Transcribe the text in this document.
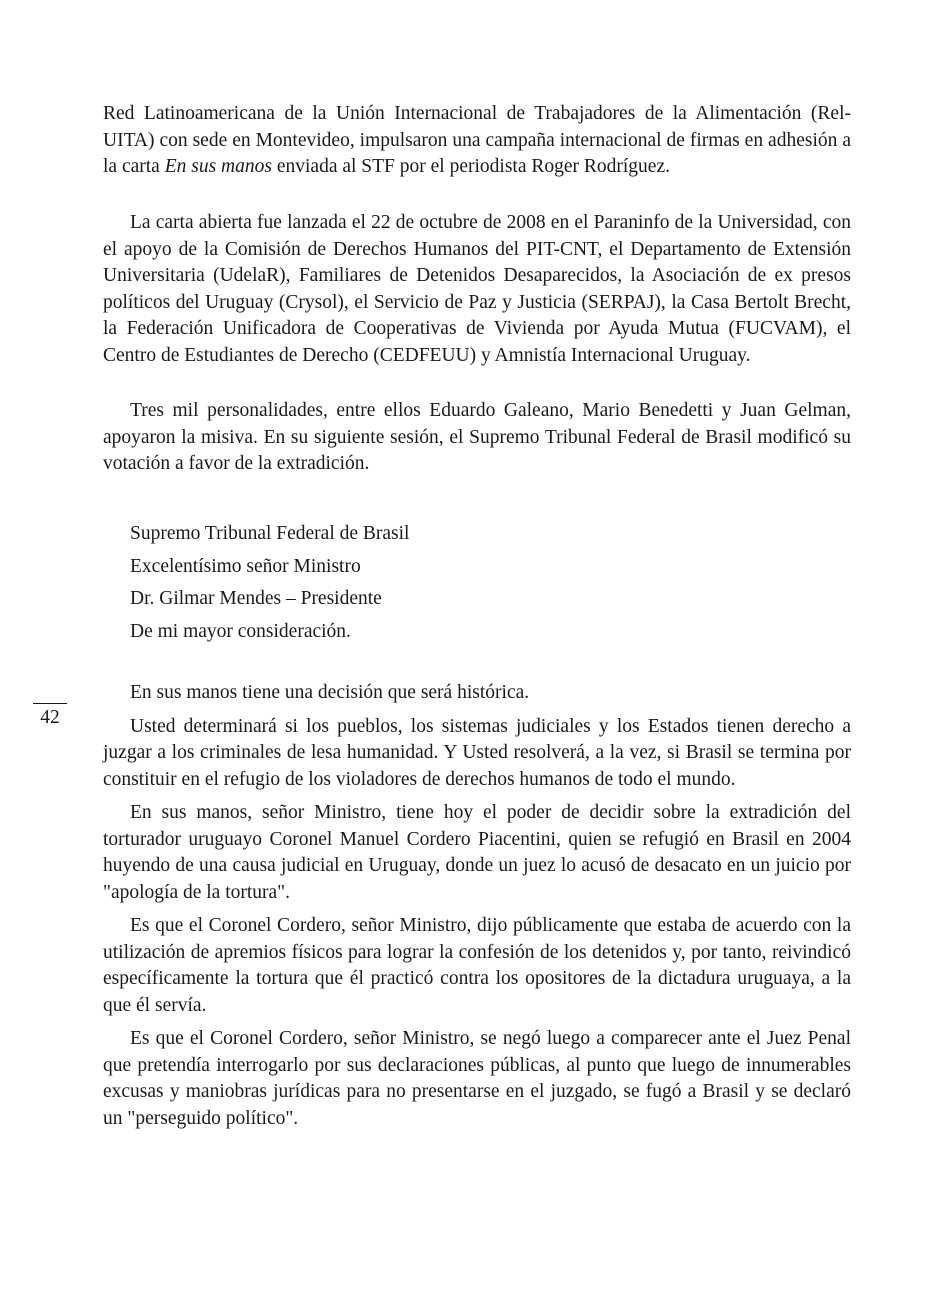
Red Latinoamericana de la Unión Internacional de Trabajadores de la Alimentación (Rel-UITA) con sede en Montevideo, impulsaron una campaña internacional de firmas en adhesión a la carta En sus manos enviada al STF por el periodista Roger Rodríguez.

La carta abierta fue lanzada el 22 de octubre de 2008 en el Paraninfo de la Universidad, con el apoyo de la Comisión de Derechos Humanos del PIT-CNT, el Departamento de Extensión Universitaria (UdelaR), Familiares de Detenidos Desaparecidos, la Asociación de ex presos políticos del Uruguay (Crysol), el Servicio de Paz y Justicia (SERPAJ), la Casa Bertolt Brecht, la Federación Unificadora de Cooperativas de Vivienda por Ayuda Mutua (FUCVAM), el Centro de Estudiantes de Derecho (CEDFEUU) y Amnistía Internacional Uruguay.

Tres mil personalidades, entre ellos Eduardo Galeano, Mario Benedetti y Juan Gelman, apoyaron la misiva. En su siguiente sesión, el Supremo Tribunal Federal de Brasil modificó su votación a favor de la extradición.

Supremo Tribunal Federal de Brasil
Excelentísimo señor Ministro
Dr. Gilmar Mendes – Presidente
De mi mayor consideración.
42

En sus manos tiene una decisión que será histórica.

Usted determinará si los pueblos, los sistemas judiciales y los Estados tienen derecho a juzgar a los criminales de lesa humanidad. Y Usted resolverá, a la vez, si Brasil se termina por constituir en el refugio de los violadores de derechos humanos de todo el mundo.

En sus manos, señor Ministro, tiene hoy el poder de decidir sobre la extradición del torturador uruguayo Coronel Manuel Cordero Piacentini, quien se refugió en Brasil en 2004 huyendo de una causa judicial en Uruguay, donde un juez lo acusó de desacato en un juicio por "apología de la tortura".

Es que el Coronel Cordero, señor Ministro, dijo públicamente que estaba de acuerdo con la utilización de apremios físicos para lograr la confesión de los detenidos y, por tanto, reivindicó específicamente la tortura que él practicó contra los opositores de la dictadura uruguaya, a la que él servía.

Es que el Coronel Cordero, señor Ministro, se negó luego a comparecer ante el Juez Penal que pretendía interrogarlo por sus declaraciones públicas, al punto que luego de innumerables excusas y maniobras jurídicas para no presentarse en el juzgado, se fugó a Brasil y se declaró un "perseguido político".
